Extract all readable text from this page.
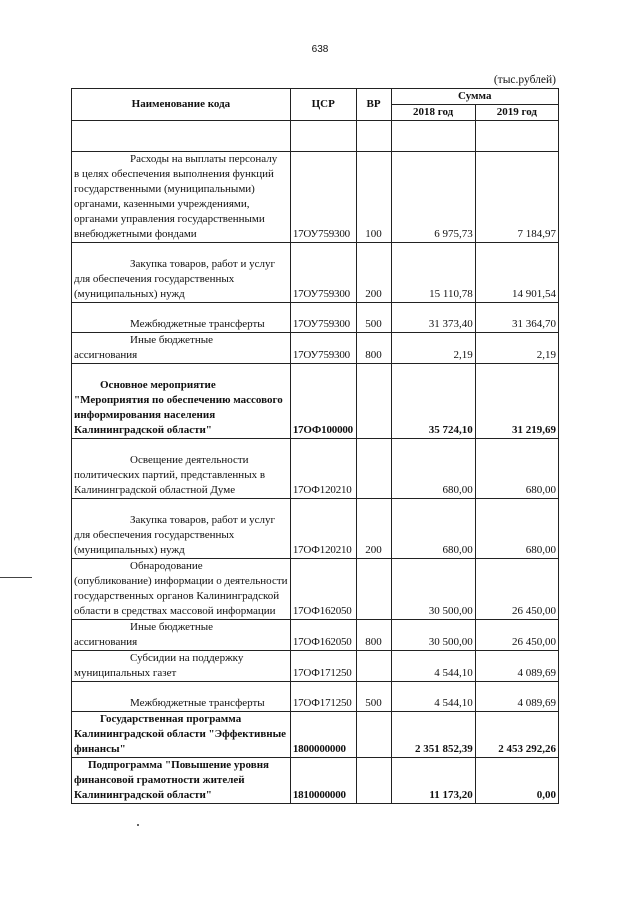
638
(тыс.рублей)
Наименование кода	ЦСР	ВР	Сумма	
			2018 год	2019 год

Расходы на выплаты персоналу
в целях обеспечения выполнения функций государственными (муниципальными) органами, казенными учреждениями, органами управления государственными внебюджетными фондами	17ОУ759300	100	6 975,73	7 184,97

Закупка товаров, работ и услуг
для обеспечения государственных (муниципальных) нужд	17ОУ759300	200	15 110,78	14 901,54

Межбюджетные трансферты	17ОУ759300	500	31 373,40	31 364,70

Иные бюджетные
ассигнования	17ОУ759300	800	2,19	2,19

Основное мероприятие
"Мероприятия по обеспечению массового информирования населения Калининградской области"	17ОФ100000		35 724,10	31 219,69

Освещение деятельности
политических партий, представленных в Калининградской областной Думе	17ОФ120210		680,00	680,00

Закупка товаров, работ и услуг
для обеспечения государственных (муниципальных) нужд	17ОФ120210	200	680,00	680,00

Обнародование
(опубликование) информации о деятельности государственных органов Калининградской области в средствах массовой информации	17ОФ162050		30 500,00	26 450,00

Иные бюджетные
ассигнования	17ОФ162050	800	30 500,00	26 450,00

Субсидии на поддержку
муниципальных газет	17ОФ171250		4 544,10	4 089,69

Межбюджетные трансферты	17ОФ171250	500	4 544,10	4 089,69

Государственная программа
Калининградской области "Эффективные финансы"	1800000000		2 351 852,39	2 453 292,26

Подпрограмма "Повышение уровня
финансовой грамотности жителей Калининградской области"	1810000000		11 173,20	0,00
